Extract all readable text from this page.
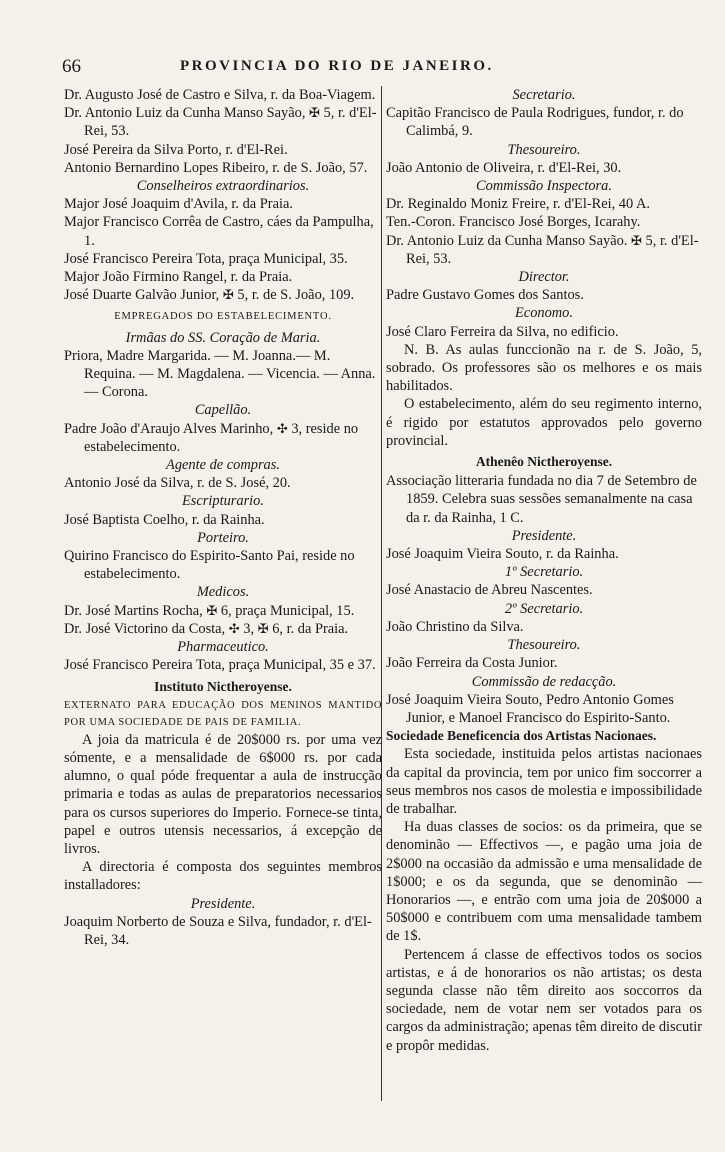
66	PROVINCIA DO RIO DE JANEIRO.

Dr. Augusto José de Castro e Silva, r. da Boa-Viagem.

Dr. Antonio Luiz da Cunha Manso Sayão, ✠ 5, r. d'El-Rei, 53.

José Pereira da Silva Porto, r. d'El-Rei.

Antonio Bernardino Lopes Ribeiro, r. de S. João, 57.

Conselheiros extraordinarios.

Major José Joaquim d'Avila, r. da Praia.

Major Francisco Corrêa de Castro, cáes da Pampulha, 1.

José Francisco Pereira Tota, praça Municipal, 35.

Major João Firmino Rangel, r. da Praia.

José Duarte Galvão Junior, ✠ 5, r. de S. João, 109.

EMPREGADOS DO ESTABELECIMENTO.

Irmãas do SS. Coração de Maria.

Priora, Madre Margarida. — M. Joanna.— M. Requina. — M. Magdalena. — Vicencia. — Anna. — Corona.

Capellão.

Padre João d'Araujo Alves Marinho, ✣ 3, reside no estabelecimento.

Agente de compras.

Antonio José da Silva, r. de S. José, 20.

Escripturario.

José Baptista Coelho, r. da Rainha.

Porteiro.

Quirino Francisco do Espirito-Santo Pai, reside no estabelecimento.

Medicos.

Dr. José Martins Rocha, ✠ 6, praça Municipal, 15.

Dr. José Victorino da Costa, ✣ 3, ✠ 6, r. da Praia.

Pharmaceutico.

José Francisco Pereira Tota, praça Municipal, 35 e 37.

Instituto Nictheroyense.

EXTERNATO PARA EDUCAÇÃO DOS MENINOS MANTIDO POR UMA SOCIEDADE DE PAIS DE FAMILIA.

A joia da matricula é de 20$000 rs. por uma vez sómente, e a mensalidade de 6$000 rs. por cada alumno, o qual póde frequentar a aula de instrucção primaria e todas as aulas de preparatorios necessarios para os cursos superiores do Imperio. Fornece-se tinta, papel e outros utensis necessarios, á excepção de livros.

A directoria é composta dos seguintes membros installadores:

Presidente.

Joaquim Norberto de Souza e Silva, fundador, r. d'El-Rei, 34.

Secretario.

Capitão Francisco de Paula Rodrigues, fundor, r. do Calimbá, 9.

Thesoureiro.

João Antonio de Oliveira, r. d'El-Rei, 30.

Commissão Inspectora.

Dr. Reginaldo Moniz Freire, r. d'El-Rei, 40 A.

Ten.-Coron. Francisco José Borges, Icarahy.

Dr. Antonio Luiz da Cunha Manso Sayão. ✠ 5, r. d'El-Rei, 53.

Director.

Padre Gustavo Gomes dos Santos.

Economo.

José Claro Ferreira da Silva, no edificio.

N. B. As aulas funccionão na r. de S. João, 5, sobrado. Os professores são os melhores e os mais habilitados.

O estabelecimento, além do seu regimento interno, é rigido por estatutos approvados pelo governo provincial.

Athenêo Nictheroyense.

Associação litteraria fundada no dia 7 de Setembro de 1859. Celebra suas sessões semanalmente na casa da r. da Rainha, 1 C.

Presidente.

José Joaquim Vieira Souto, r. da Rainha.

1º Secretario.

José Anastacio de Abreu Nascentes.

2º Secretario.

João Christino da Silva.

Thesoureiro.

João Ferreira da Costa Junior.

Commissão de redacção.

José Joaquim Vieira Souto, Pedro Antonio Gomes Junior, e Manoel Francisco do Espirito-Santo.

Sociedade Beneficencia dos Artistas Nacionaes.

Esta sociedade, instituida pelos artistas nacionaes da capital da provincia, tem por unico fim soccorrer a seus membros nos casos de molestia e impossibilidade de trabalhar.

Ha duas classes de socios: os da primeira, que se denominão — Effectivos —, e pagão uma joia de 2$000 na occasião da admissão e uma mensalidade de 1$000; e os da segunda, que se denominão — Honorarios —, e entrão com uma joia de 20$000 a 50$000 e contribuem com uma mensalidade tambem de 1$.

Pertencem á classe de effectivos todos os socios artistas, e á de honorarios os não artistas; os desta segunda classe não têm direito aos soccorros da sociedade, nem de votar nem ser votados para os cargos da administração; apenas têm direito de discutir e propôr medidas.
